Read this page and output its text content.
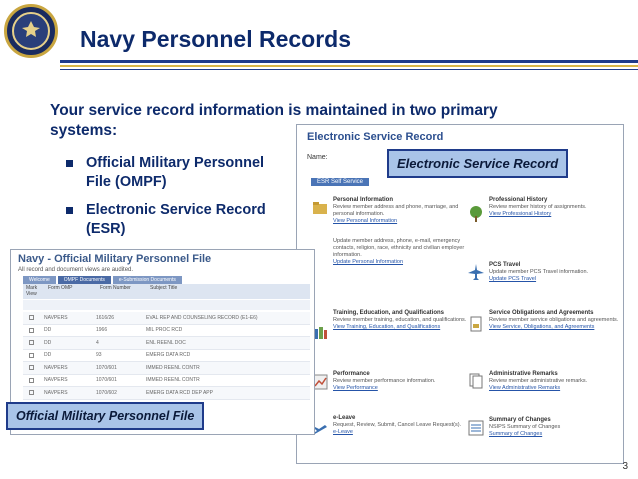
Navy Personnel Records
Your service record information is maintained in two primary systems:
Official Military Personnel File (OMPF)
Electronic Service Record (ESR)
Electronic Service Record
Name:
ESR Self Service
Personal Information
Review member address and phone, marriage, and personal information.
View Personal Information
Update member address, phone, e-mail, emergency contacts, religion, race, ethnicity and civilian employer information.
Update Personal Information
Training, Education, and Qualifications
Review member training, education, and qualifications.
View Training, Education, and Qualifications
Performance
Review member performance information.
View Performance
e-Leave
Request, Review, Submit, Cancel Leave Request(s).
e-Leave
Professional History
Review member history of assignments.
View Professional History
PCS Travel
Update member PCS Travel information.
Update PCS Travel
Service Obligations and Agreements
Review member service obligations and agreements.
View Service, Obligations, and Agreements
Administrative Remarks
Review member administrative remarks.
View Administrative Remarks
Summary of Changes
NSIPS Summary of Changes
Summary of Changes
Electronic Service Record
Navy - Official Military Personnel File
All record and document views are audited.
Welcome	OMPF Documents	e-Submission Documents
Mark View
Form OMP	Form Number	Subject Title
NAVPERS	1616/26	EVAL REP AND COUNSELING RECORD (E1-E6)
DD	1966	MIL PROC RCD
DD	4	ENL REENL DOC
DD	93	EMERG DATA RCD
NAVPERS	1070/601	IMMED REENL CONTR
NAVPERS	1070/601	IMMED REENL CONTR
NAVPERS	1070/602	EMERG DATA RCD DEP APP
Official Military Personnel File
3
